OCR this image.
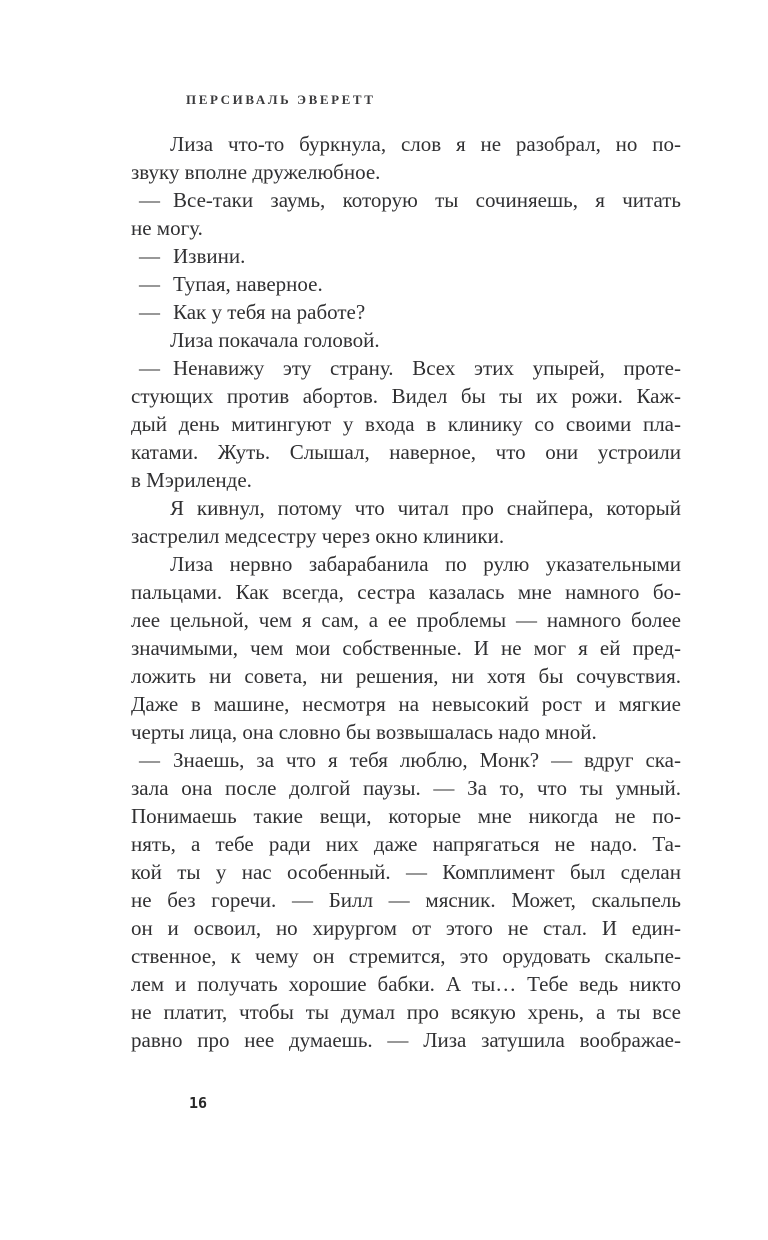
ПЕРСИВАЛЬ ЭВЕРЕТТ
Лиза что-то буркнула, слов я не разобрал, но по-
звуку вполне дружелюбное.
— Все-таки заумь, которую ты сочиняешь, я читать
не могу.
— Извини.
— Тупая, наверное.
— Как у тебя на работе?
Лиза покачала головой.
— Ненавижу эту страну. Всех этих упырей, проте-
стующих против абортов. Видел бы ты их рожи. Каж-
дый день митингуют у входа в клинику со своими пла-
катами. Жуть. Слышал, наверное, что они устроили
в Мэриленде.
Я кивнул, потому что читал про снайпера, который
застрелил медсестру через окно клиники.
Лиза нервно забарабанила по рулю указательными
пальцами. Как всегда, сестра казалась мне намного бо-
лее цельной, чем я сам, а ее проблемы — намного более
значимыми, чем мои собственные. И не мог я ей пред-
ложить ни совета, ни решения, ни хотя бы сочувствия.
Даже в машине, несмотря на невысокий рост и мягкие
черты лица, она словно бы возвышалась надо мной.
— Знаешь, за что я тебя люблю, Монк? — вдруг ска-
зала она после долгой паузы. — За то, что ты умный.
Понимаешь такие вещи, которые мне никогда не по-
нять, а тебе ради них даже напрягаться не надо. Та-
кой ты у нас особенный. — Комплимент был сделан
не без горечи. — Билл — мясник. Может, скальпель
он и освоил, но хирургом от этого не стал. И един-
ственное, к чему он стремится, это орудовать скальпе-
лем и получать хорошие бабки. А ты… Тебе ведь никто
не платит, чтобы ты думал про всякую хрень, а ты все
равно про нее думаешь. — Лиза затушила воображае-
16
